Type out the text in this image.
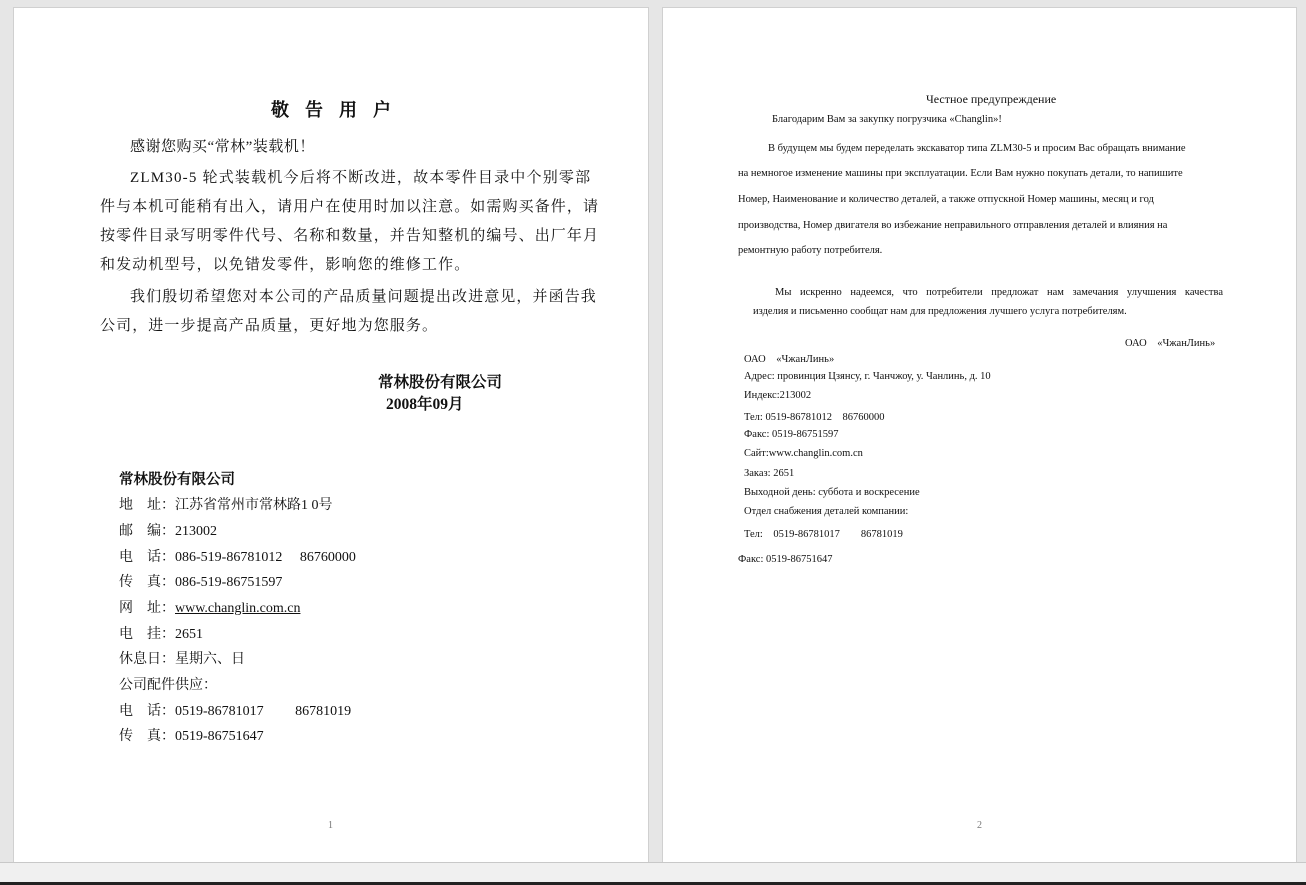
敬告用户
感谢您购买“常林”装载机！
ZLM30-5 轮式装载机今后将不断改进，故本零件目录中个别零部
件与本机可能稍有出入，请用户在使用时加以注意。如需购买备件，请
按零件目录写明零件代号、名称和数量，并告知整机的编号、出厂年月
和发动机型号，以免错发零件，影响您的维修工作。
我们殷切希望您对本公司的产品质量问题提出改进意见，并函告我
公司，进一步提高产品质量，更好地为您服务。
常林股份有限公司
2008年09月
常林股份有限公司
地　址：江苏省常州市常林路1 0号
邮　编：213002
电　话：086-519-86781012　 86760000
传　真：086-519-86751597
网　址：www.changlin.com.cn
电　挂：2651
休息日：星期六、日
公司配件供应：
电　话：0519-86781017　　 86781019
传　真：0519-86751647
1
Честное предупреждение
Благодарим Вам за закупку погрузчика «Changlin»!
В будущем мы будем переделать экскаватор типа ZLM30-5 и просим Вас обращать внимание
на немногое изменение машины при эксплуатации. Если Вам нужно покупать детали, то напишите
Номер, Наименование и количество деталей, а также отпускной Номер машины, месяц и год
производства, Номер двигателя во избежание неправильного отправления деталей и влияния на
ремонтную работу потребителя.
Мы искренно надеемся, что потребители предложат нам замечания улучшения качества
изделия и письменно сообщат нам для предложения лучшего услуга потребителям.
ОАО　«ЧжанЛинь»
ОАО　«ЧжанЛинь»
Адрес: провинция Цзянсу, г. Чанчжоу, у. Чанлинь, д. 10
Индекс:213002
Тел: 0519-86781012　86760000
Факс: 0519-86751597
Сайт:www.changlin.com.cn
Заказ: 2651
Выходной день: суббота и воскресение
Отдел снабжения деталей компании:
Тел:　0519-86781017　　86781019
Факс: 0519-86751647
2
